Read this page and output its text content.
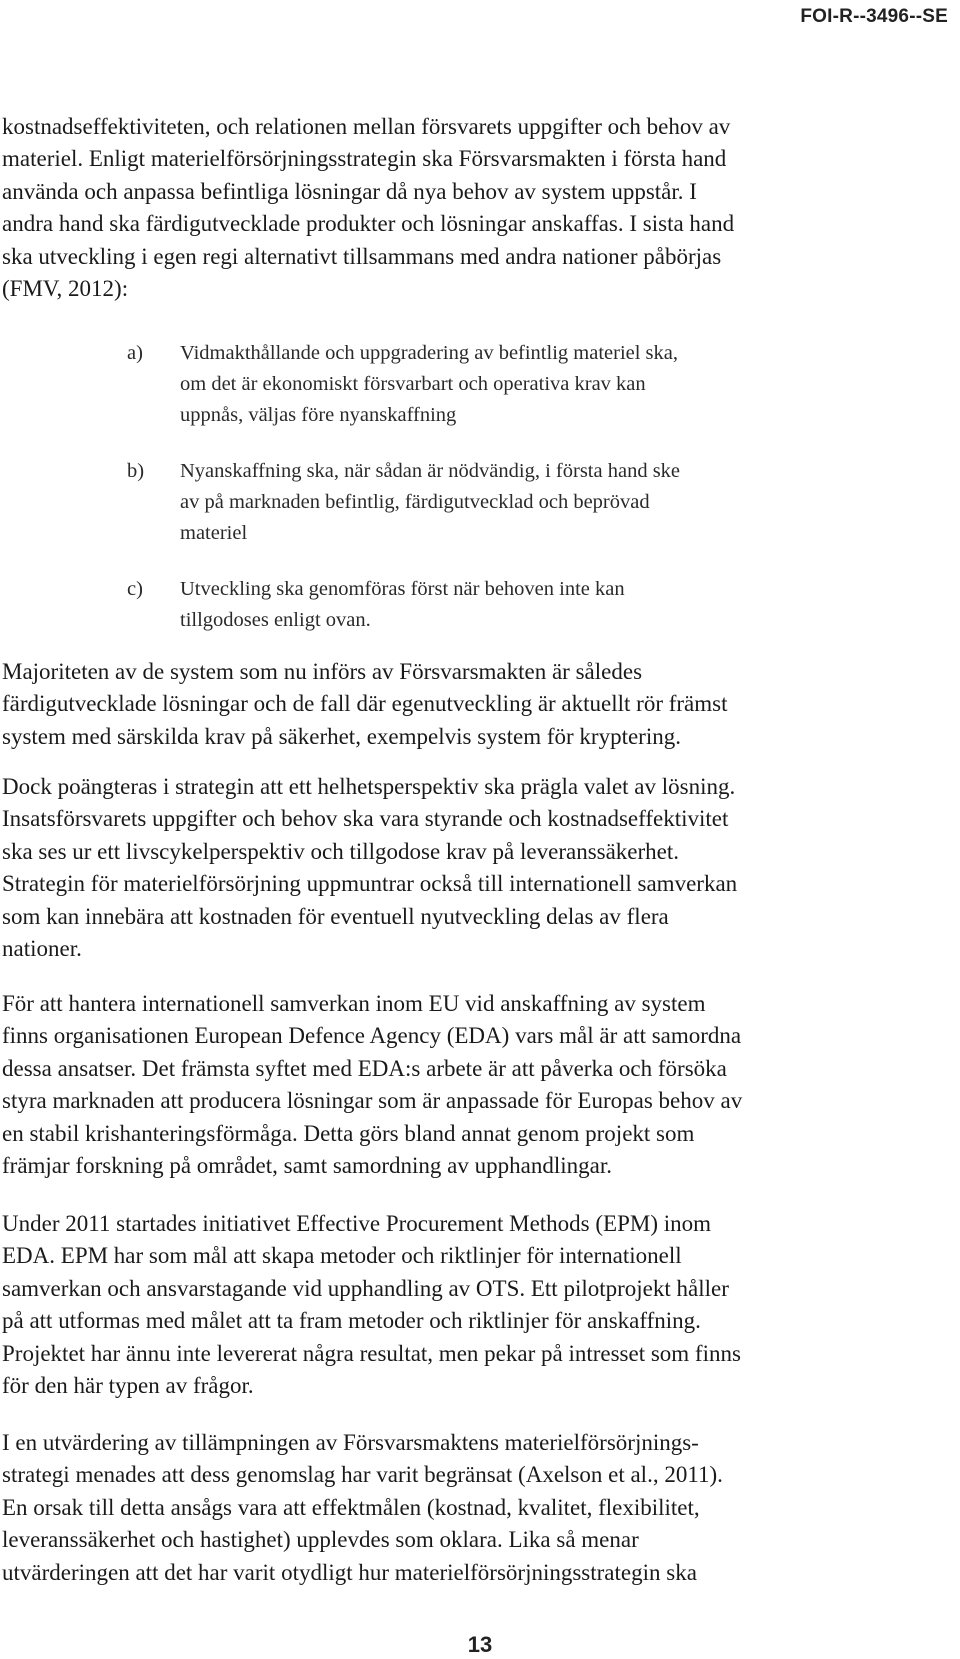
FOI-R--3496--SE

kostnadseffektiviteten, och relationen mellan försvarets uppgifter och behov av
materiel. Enligt materielförsörjningsstrategin ska Försvarsmakten i första hand
använda och anpassa befintliga lösningar då nya behov av system uppstår. I
andra hand ska färdigutvecklade produkter och lösningar anskaffas. I sista hand
ska utveckling i egen regi alternativt tillsammans med andra nationer påbörjas
(FMV, 2012):

a) Vidmakthållande och uppgradering av befintlig materiel ska,
om det är ekonomiskt försvarbart och operativa krav kan
uppnås, väljas före nyanskaffning
b) Nyanskaffning ska, när sådan är nödvändig, i första hand ske
av på marknaden befintlig, färdigutvecklad och beprövad
materiel
c) Utveckling ska genomföras först när behoven inte kan
tillgodoses enligt ovan.

Majoriteten av de system som nu införs av Försvarsmakten är således
färdigutvecklade lösningar och de fall där egenutveckling är aktuellt rör främst
system med särskilda krav på säkerhet, exempelvis system för kryptering.

Dock poängteras i strategin att ett helhetsperspektiv ska prägla valet av lösning.
Insatsförsvarets uppgifter och behov ska vara styrande och kostnadseffektivitet
ska ses ur ett livscykelperspektiv och tillgodose krav på leveranssäkerhet.
Strategin för materielförsörjning uppmuntrar också till internationell samverkan
som kan innebära att kostnaden för eventuell nyutveckling delas av flera
nationer.

För att hantera internationell samverkan inom EU vid anskaffning av system
finns organisationen European Defence Agency (EDA) vars mål är att samordna
dessa ansatser. Det främsta syftet med EDA:s arbete är att påverka och försöka
styra marknaden att producera lösningar som är anpassade för Europas behov av
en stabil krishanteringsförmåga. Detta görs bland annat genom projekt som
främjar forskning på området, samt samordning av upphandlingar.

Under 2011 startades initiativet Effective Procurement Methods (EPM) inom
EDA. EPM har som mål att skapa metoder och riktlinjer för internationell
samverkan och ansvarstagande vid upphandling av OTS. Ett pilotprojekt håller
på att utformas med målet att ta fram metoder och riktlinjer för anskaffning.
Projektet har ännu inte levererat några resultat, men pekar på intresset som finns
för den här typen av frågor.

I en utvärdering av tillämpningen av Försvarsmaktens materielförsörjnings-
strategi menades att dess genomslag har varit begränsat (Axelson et al., 2011).
En orsak till detta ansågs vara att effektmålen (kostnad, kvalitet, flexibilitet,
leveranssäkerhet och hastighet) upplevdes som oklara. Lika så menar
utvärderingen att det har varit otydligt hur materielförsörjningsstrategin ska

13
